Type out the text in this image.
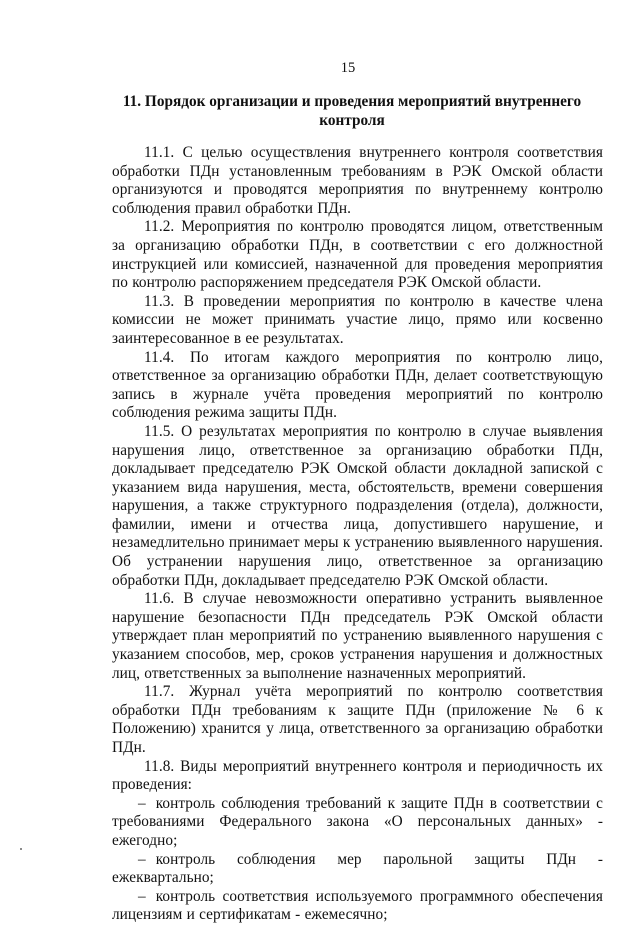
15
11. Порядок организации и проведения мероприятий внутреннего
контроля

11.1. С целью осуществления внутреннего контроля соответствия обработки ПДн установленным требованиям в РЭК Омской области организуются и проводятся мероприятия по внутреннему контролю соблюдения правил обработки ПДн.

11.2. Мероприятия по контролю проводятся лицом, ответственным за организацию обработки ПДн, в соответствии с его должностной инструкцией или комиссией, назначенной для проведения мероприятия по контролю распоряжением председателя РЭК Омской области.

11.3. В проведении мероприятия по контролю в качестве члена комиссии не может принимать участие лицо, прямо или косвенно заинтересованное в ее результатах.

11.4. По итогам каждого мероприятия по контролю лицо, ответственное за организацию обработки ПДн, делает соответствующую запись в журнале учёта проведения мероприятий по контролю соблюдения режима защиты ПДн.

11.5. О результатах мероприятия по контролю в случае выявления нарушения лицо, ответственное за организацию обработки ПДн, докладывает председателю РЭК Омской области докладной запиской с указанием вида нарушения, места, обстоятельств, времени совершения нарушения, а также структурного подразделения (отдела), должности, фамилии, имени и отчества лица, допустившего нарушение, и незамедлительно принимает меры к устранению выявленного нарушения. Об устранении нарушения лицо, ответственное за организацию обработки ПДн, докладывает председателю РЭК Омской области.

11.6. В случае невозможности оперативно устранить выявленное нарушение безопасности ПДн председатель РЭК Омской области утверждает план мероприятий по устранению выявленного нарушения с указанием способов, мер, сроков устранения нарушения и должностных лиц, ответственных за выполнение назначенных мероприятий.

11.7. Журнал учёта мероприятий по контролю соответствия обработки ПДн требованиям к защите ПДн (приложение № 6 к Положению) хранится у лица, ответственного за организацию обработки ПДн.

11.8. Виды мероприятий внутреннего контроля и периодичность их проведения:

– контроль соблюдения требований к защите ПДн в соответствии с требованиями Федерального закона «О персональных данных» - ежегодно;

– контроль соблюдения мер парольной защиты ПДн - ежеквартально;

– контроль соответствия используемого программного обеспечения лицензиям и сертификатам - ежемесячно;
